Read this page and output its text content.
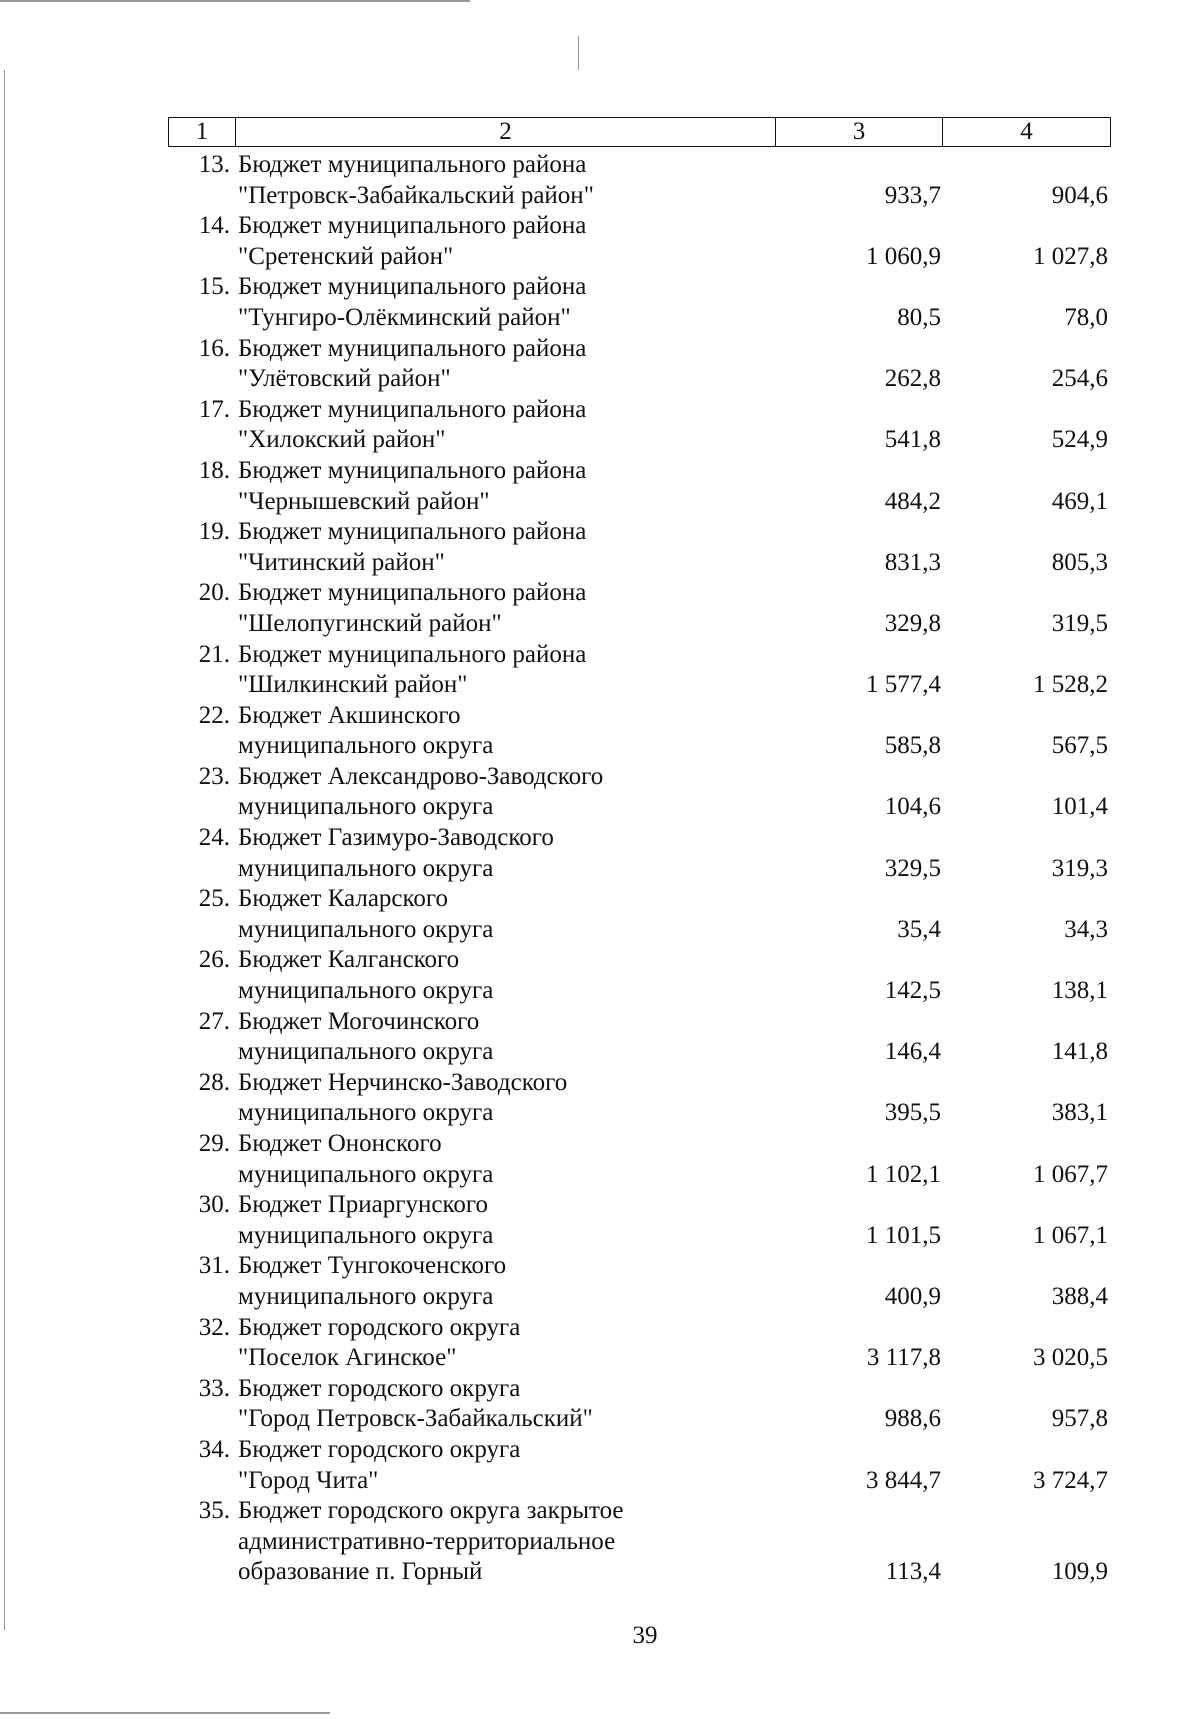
1	2	3	4
13. Бюджет муниципального района
"Петровск-Забайкальский район"	933,7	904,6
14. Бюджет муниципального района
"Сретенский район"	1 060,9	1 027,8
15. Бюджет муниципального района
"Тунгиро-Олёкминский район"	80,5	78,0
16. Бюджет муниципального района
"Улётовский район"	262,8	254,6
17. Бюджет муниципального района
"Хилокский район"	541,8	524,9
18. Бюджет муниципального района
"Чернышевский район"	484,2	469,1
19. Бюджет муниципального района
"Читинский район"	831,3	805,3
20. Бюджет муниципального района
"Шелопугинский район"	329,8	319,5
21. Бюджет муниципального района
"Шилкинский район"	1 577,4	1 528,2
22. Бюджет Акшинского
муниципального округа	585,8	567,5
23. Бюджет Александрово-Заводского
муниципального округа	104,6	101,4
24. Бюджет Газимуро-Заводского
муниципального округа	329,5	319,3
25. Бюджет Каларского
муниципального округа	35,4	34,3
26. Бюджет Калганского
муниципального округа	142,5	138,1
27. Бюджет Могочинского
муниципального округа	146,4	141,8
28. Бюджет Нерчинско-Заводского
муниципального округа	395,5	383,1
29. Бюджет Ононского
муниципального округа	1 102,1	1 067,7
30. Бюджет Приаргунского
муниципального округа	1 101,5	1 067,1
31. Бюджет Тунгокоченского
муниципального округа	400,9	388,4
32. Бюджет городского округа
"Поселок Агинское"	3 117,8	3 020,5
33. Бюджет городского округа
"Город Петровск-Забайкальский"	988,6	957,8
34. Бюджет городского округа
"Город Чита"	3 844,7	3 724,7
35. Бюджет городского округа закрытое
административно-территориальное
образование п. Горный	113,4	109,9
39
